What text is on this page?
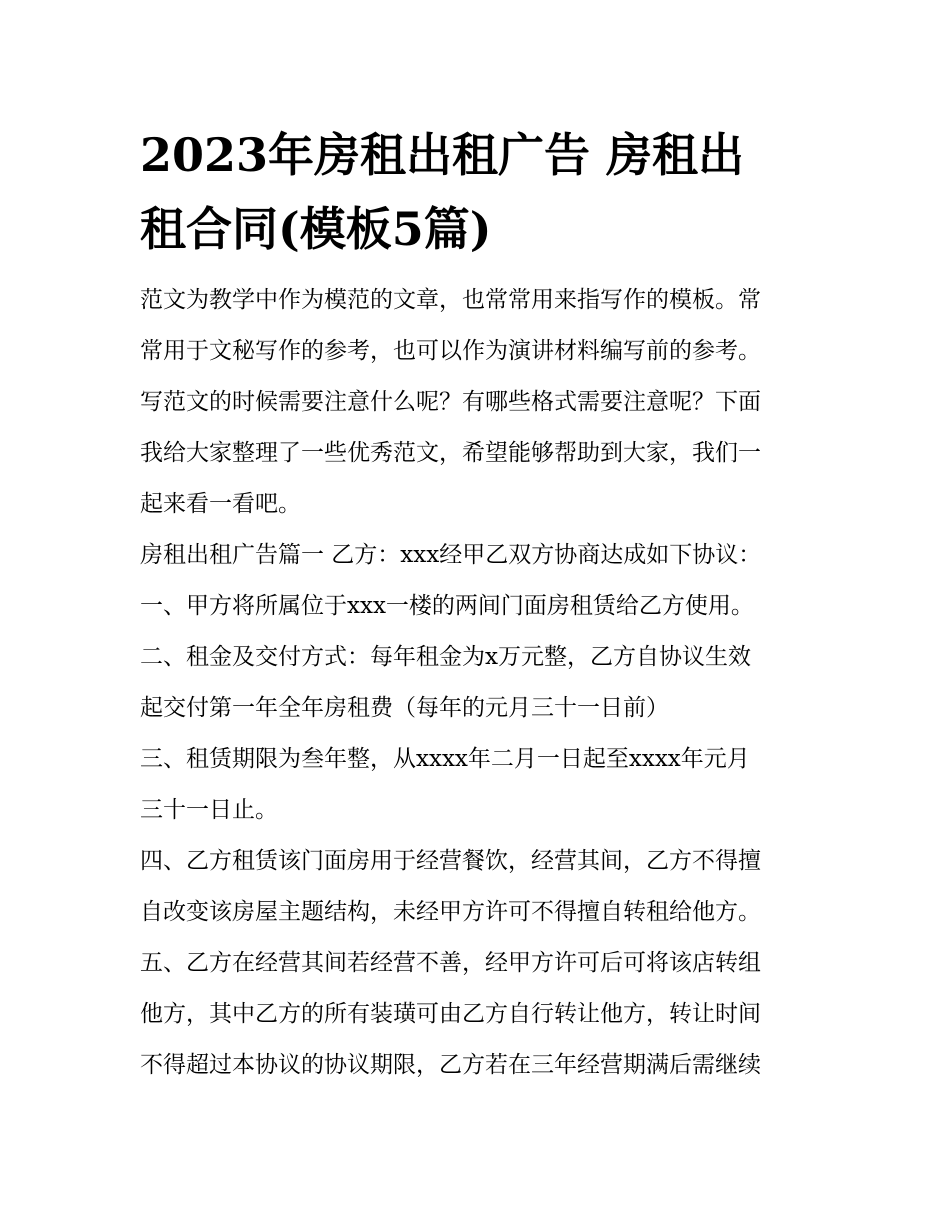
2023年房租出租广告 房租出
租合同(模板5篇)
范文为教学中作为模范的文章，也常常用来指写作的模板。常
常用于文秘写作的参考，也可以作为演讲材料编写前的参考。
写范文的时候需要注意什么呢？有哪些格式需要注意呢？下面
我给大家整理了一些优秀范文，希望能够帮助到大家，我们一
起来看一看吧。
房租出租广告篇一 乙方：xxx经甲乙双方协商达成如下协议：
一、甲方将所属位于xxx一楼的两间门面房租赁给乙方使用。
二、租金及交付方式：每年租金为x万元整，乙方自协议生效
起交付第一年全年房租费（每年的元月三十一日前）
三、租赁期限为叁年整，从xxxx年二月一日起至xxxx年元月
三十一日止。
四、乙方租赁该门面房用于经营餐饮，经营其间，乙方不得擅
自改变该房屋主题结构，未经甲方许可不得擅自转租给他方。
五、乙方在经营其间若经营不善，经甲方许可后可将该店转组
他方，其中乙方的所有装璜可由乙方自行转让他方，转让时间
不得超过本协议的协议期限，乙方若在三年经营期满后需继续
